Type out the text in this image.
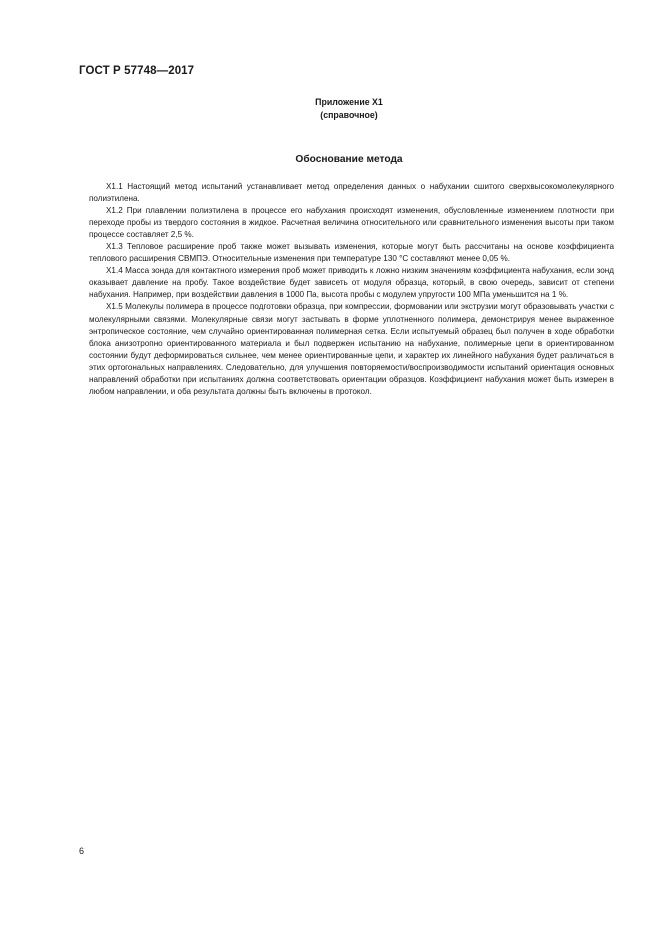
ГОСТ Р 57748—2017
Приложение Х1
(справочное)
Обоснование метода

Х1.1 Настоящий метод испытаний устанавливает метод определения данных о набухании сшитого сверхвысокомолекулярного полиэтилена.

Х1.2 При плавлении полиэтилена в процессе его набухания происходят изменения, обусловленные изменением плотности при переходе пробы из твердого состояния в жидкое. Расчетная величина относительного или сравнительного изменения высоты при таком процессе составляет 2,5 %.

Х1.3 Тепловое расширение проб также может вызывать изменения, которые могут быть рассчитаны на основе коэффициента теплового расширения СВМПЭ. Относительные изменения при температуре 130 °С составляют менее 0,05 %.

Х1.4 Масса зонда для контактного измерения проб может приводить к ложно низким значениям коэффициента набухания, если зонд оказывает давление на пробу. Такое воздействие будет зависеть от модуля образца, который, в свою очередь, зависит от степени набухания. Например, при воздействии давления в 1000 Па, высота пробы с модулем упругости 100 МПа уменьшится на 1 %.

Х1.5 Молекулы полимера в процессе подготовки образца, при компрессии, формовании или экструзии могут образовывать участки с молекулярными связями. Молекулярные связи могут застывать в форме уплотненного полимера, демонстрируя менее выраженное энтропическое состояние, чем случайно ориентированная полимерная сетка. Если испытуемый образец был получен в ходе обработки блока анизотропно ориентированного материала и был подвержен испытанию на набухание, полимерные цепи в ориентированном состоянии будут деформироваться сильнее, чем менее ориентированные цепи, и характер их линейного набухания будет различаться в этих ортогональных направлениях. Следовательно, для улучшения повторяемости/воспроизводимости испытаний ориентация основных направлений обработки при испытаниях должна соответствовать ориентации образцов. Коэффициент набухания может быть измерен в любом направлении, и оба результата должны быть включены в протокол.

6
